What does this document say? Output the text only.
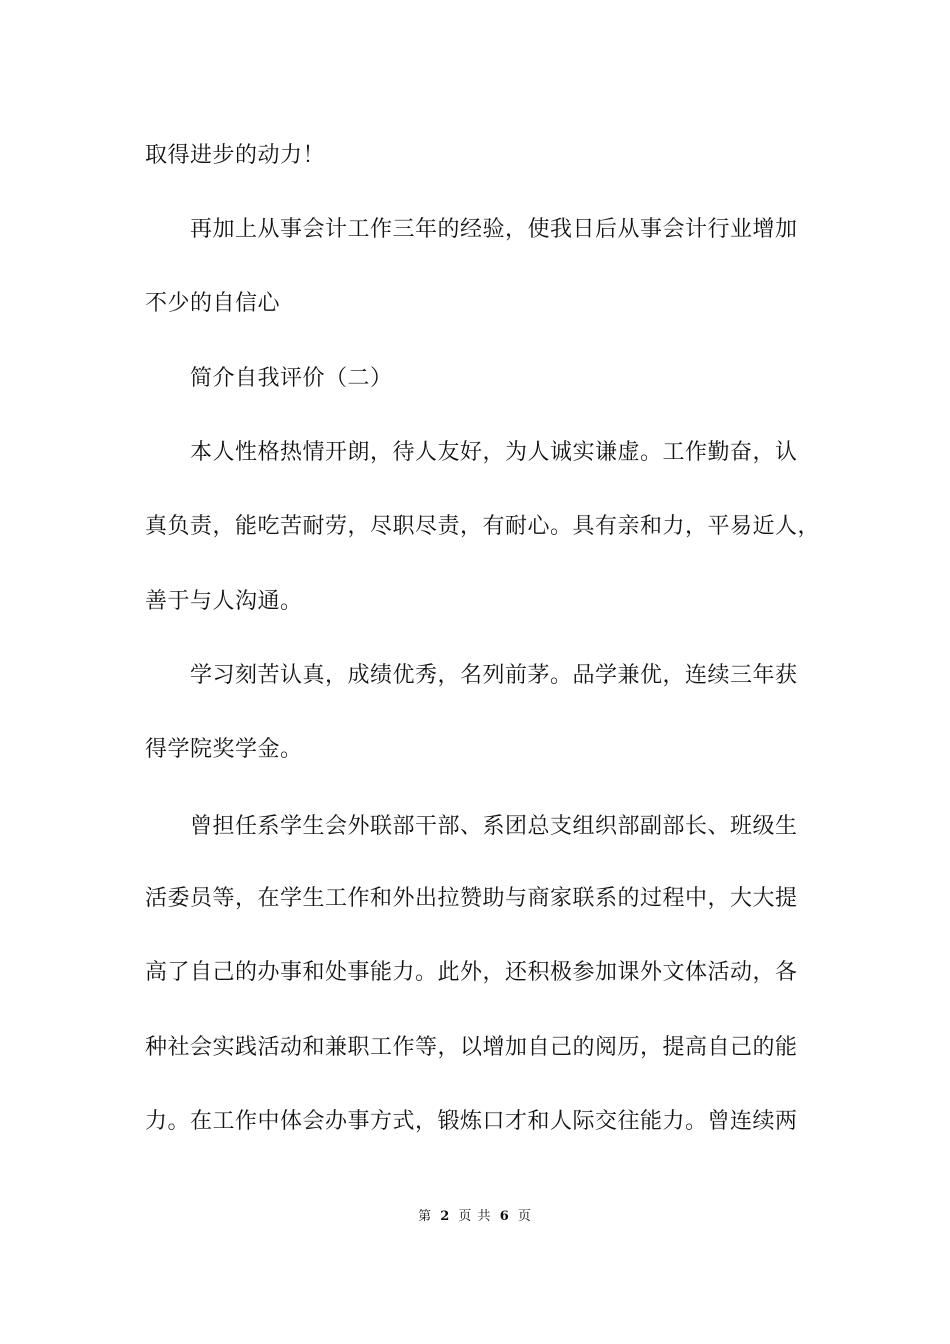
取得进步的动力！
再加上从事会计工作三年的经验，使我日后从事会计行业增加
不少的自信心
简介自我评价（二）
本人性格热情开朗，待人友好，为人诚实谦虚。工作勤奋，认
真负责，能吃苦耐劳，尽职尽责，有耐心。具有亲和力，平易近人，
善于与人沟通。
学习刻苦认真，成绩优秀，名列前茅。品学兼优，连续三年获
得学院奖学金。
曾担任系学生会外联部干部、系团总支组织部副部长、班级生
活委员等，在学生工作和外出拉赞助与商家联系的过程中，大大提
高了自己的办事和处事能力。此外，还积极参加课外文体活动，各
种社会实践活动和兼职工作等，以增加自己的阅历，提高自己的能
力。在工作中体会办事方式，锻炼口才和人际交往能力。曾连续两
第 2 页 共 6 页
